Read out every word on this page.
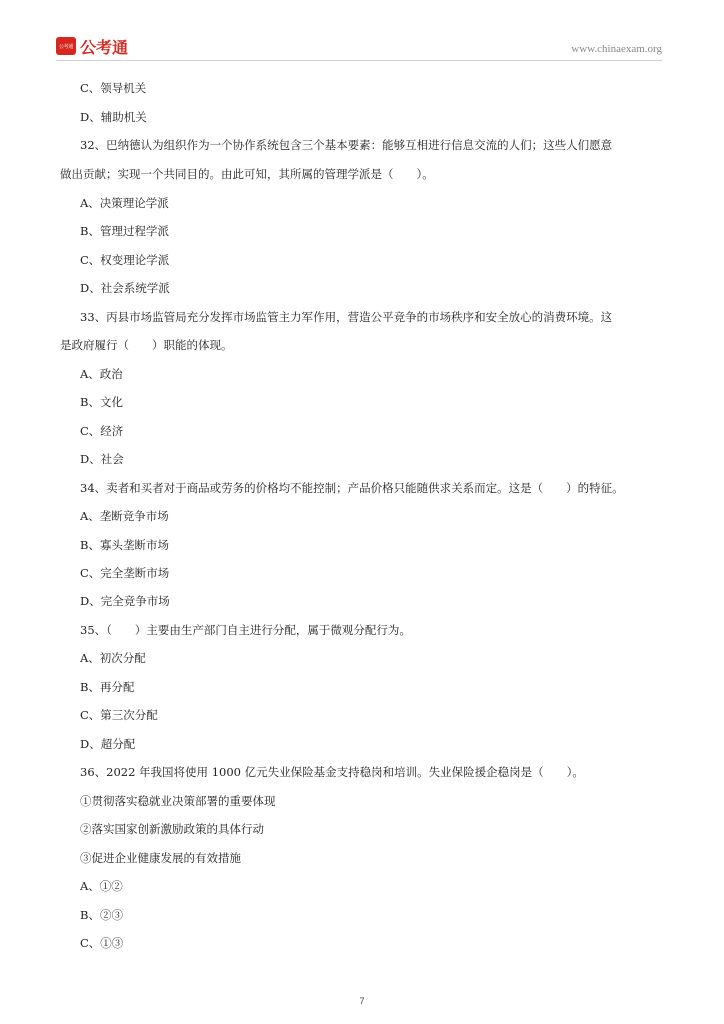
公考通 公考通	www.chinaexam.org
C、领导机关
D、辅助机关
32、巴纳德认为组织作为一个协作系统包含三个基本要素：能够互相进行信息交流的人们；这些人们愿意
做出贡献；实现一个共同目的。由此可知，其所属的管理学派是（　　）。
A、决策理论学派
B、管理过程学派
C、权变理论学派
D、社会系统学派
33、丙县市场监管局充分发挥市场监管主力军作用，营造公平竞争的市场秩序和安全放心的消费环境。这
是政府履行（　　）职能的体现。
A、政治
B、文化
C、经济
D、社会
34、卖者和买者对于商品或劳务的价格均不能控制；产品价格只能随供求关系而定。这是（　　）的特征。
A、垄断竞争市场
B、寡头垄断市场
C、完全垄断市场
D、完全竞争市场
35、（　　）主要由生产部门自主进行分配，属于微观分配行为。
A、初次分配
B、再分配
C、第三次分配
D、超分配
36、2022 年我国将使用 1000 亿元失业保险基金支持稳岗和培训。失业保险援企稳岗是（　　）。
①贯彻落实稳就业决策部署的重要体现
②落实国家创新激励政策的具体行动
③促进企业健康发展的有效措施
A、①②
B、②③
C、①③
7
